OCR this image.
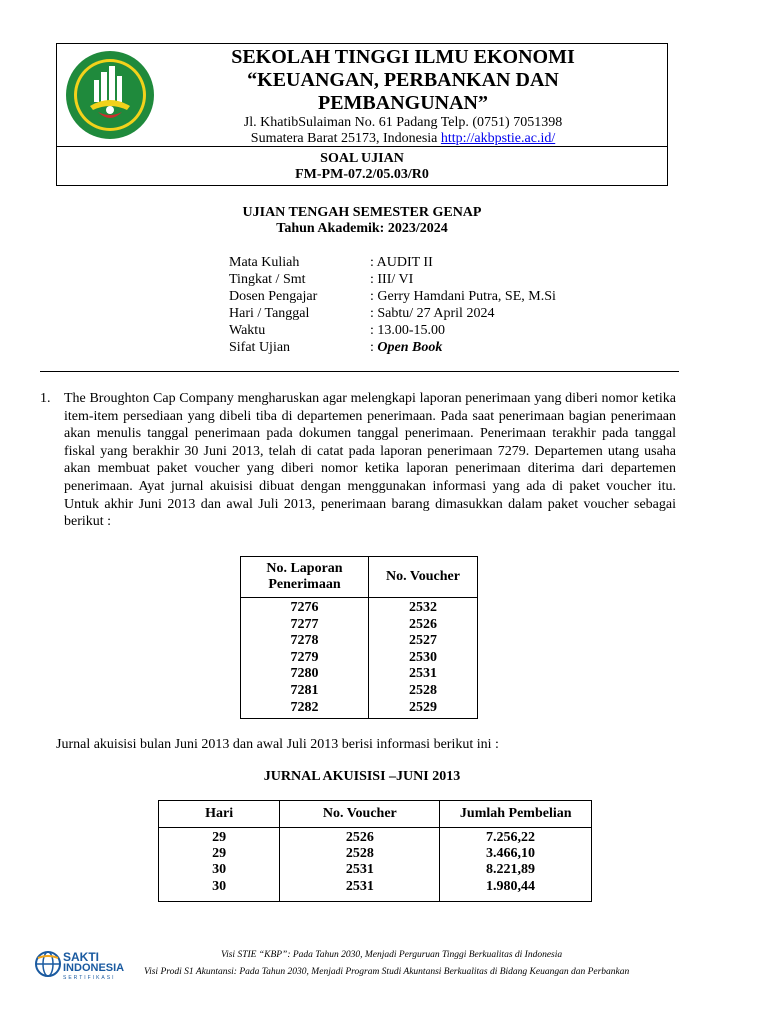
SEKOLAH TINGGI ILMU EKONOMI
“KEUANGAN, PERBANKAN DAN
PEMBANGUNAN”
Jl. KhatibSulaiman No. 61 Padang Telp. (0751) 7051398
Sumatera Barat 25173, Indonesia http://akbpstie.ac.id/
SOAL UJIAN
FM-PM-07.2/05.03/R0
UJIAN TENGAH SEMESTER GENAP
Tahun Akademik: 2023/2024
Mata Kuliah	: AUDIT II
Tingkat / Smt	: III/ VI
Dosen Pengajar	: Gerry Hamdani Putra, SE, M.Si
Hari / Tanggal	: Sabtu/ 27 April 2024
Waktu	: 13.00-15.00
Sifat Ujian	: Open Book
1. The Broughton Cap Company mengharuskan agar melengkapi laporan penerimaan yang diberi nomor ketika item-item persediaan yang dibeli tiba di departemen penerimaan. Pada saat penerimaan bagian penerimaan akan menulis tanggal penerimaan pada dokumen tanggal penerimaan. Penerimaan terakhir pada tanggal fiskal yang berakhir 30 Juni 2013, telah di catat pada laporan penerimaan 7279. Departemen utang usaha akan membuat paket voucher yang diberi nomor ketika laporan penerimaan diterima dari departemen penerimaan. Ayat jurnal akuisisi dibuat dengan menggunakan informasi yang ada di paket voucher itu. Untuk akhir Juni 2013 dan awal Juli 2013, penerimaan barang dimasukkan dalam paket voucher sebagai berikut :
No. Laporan Penerimaan	No. Voucher
7276	2532
7277	2526
7278	2527
7279	2530
7280	2531
7281	2528
7282	2529
Jurnal akuisisi bulan Juni 2013 dan awal Juli 2013 berisi informasi berikut ini :
JURNAL AKUISISI –JUNI 2013
Hari	No. Voucher	Jumlah Pembelian
29	2526	7.256,22
29	2528	3.466,10
30	2531	8.221,89
30	2531	1.980,44
SAKTI
INDONESIA
SERTIFIKASI
Visi STIE “KBP”: Pada Tahun 2030, Menjadi Perguruan Tinggi Berkualitas di Indonesia
Visi Prodi S1 Akuntansi: Pada Tahun 2030, Menjadi Program Studi Akuntansi Berkualitas di Bidang Keuangan dan Perbankan
